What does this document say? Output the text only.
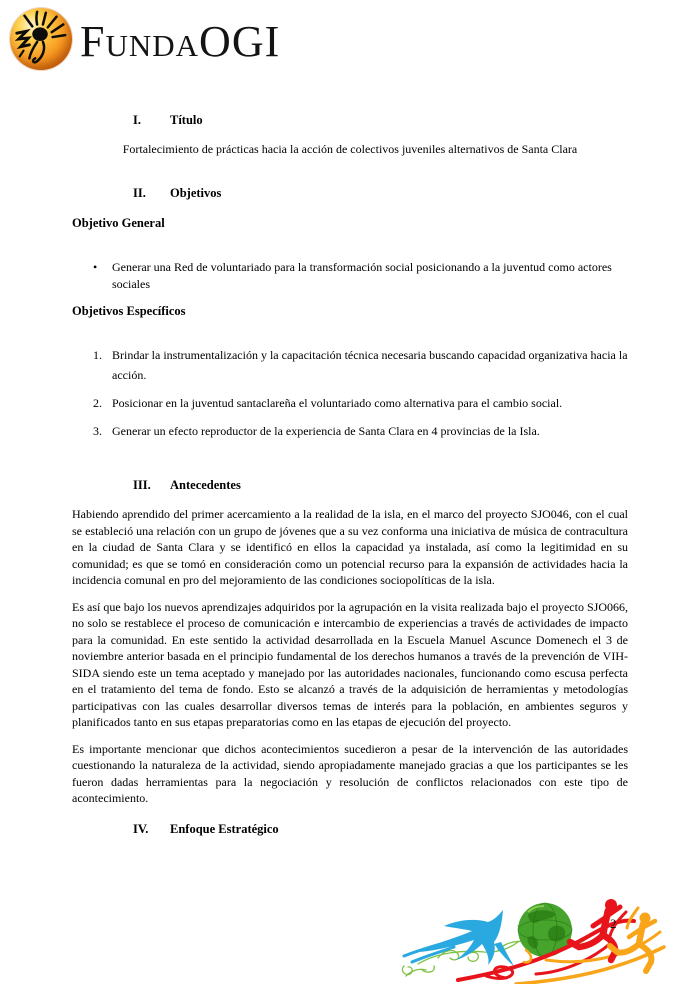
F UNDA OGI
I. Título

Fortalecimiento de prácticas hacia la acción de colectivos juveniles alternativos de Santa Clara

II. Objetivos
Objetivo General
• Generar una Red de voluntariado para la transformación social posicionando a la juventud como actores sociales
Objetivos Específicos
1. Brindar la instrumentalización y la capacitación técnica necesaria buscando capacidad organizativa hacia la acción.
2. Posicionar en la juventud santaclareña el voluntariado como alternativa para el cambio social.
3. Generar un efecto reproductor de la experiencia de Santa Clara en 4 provincias de la Isla.
III. Antecedentes

Habiendo aprendido del primer acercamiento a la realidad de la isla, en el marco del proyecto SJO046, con el cual se estableció una relación con un grupo de jóvenes que a su vez conforma una iniciativa de música de contracultura en la ciudad de Santa Clara y se identificó en ellos la capacidad ya instalada, así como la legitimidad en su comunidad; es que se tomó en consideración como un potencial recurso para la expansión de actividades hacia la incidencia comunal en pro del mejoramiento de las condiciones sociopolíticas de la isla.

Es así que bajo los nuevos aprendizajes adquiridos por la agrupación en la visita realizada bajo el proyecto SJO066, no solo se restablece el proceso de comunicación e intercambio de experiencias a través de actividades de impacto para la comunidad. En este sentido la actividad desarrollada en la Escuela Manuel Ascunce Domenech el 3 de noviembre anterior basada en el principio fundamental de los derechos humanos a través de la prevención de VIH-SIDA siendo este un tema aceptado y manejado por las autoridades nacionales, funcionando como escusa perfecta en el tratamiento del tema de fondo. Esto se alcanzó a través de la adquisición de herramientas y metodologías participativas con las cuales desarrollar diversos temas de interés para la población, en ambientes seguros y planificados tanto en sus etapas preparatorias como en las etapas de ejecución del proyecto.

Es importante mencionar que dichos acontecimientos sucedieron a pesar de la intervención de las autoridades cuestionando la naturaleza de la actividad, siendo apropiadamente manejado gracias a que los participantes se les fueron dadas herramientas para la negociación y resolución de conflictos relacionados con este tipo de acontecimiento.

IV. Enfoque Estratégico
2
